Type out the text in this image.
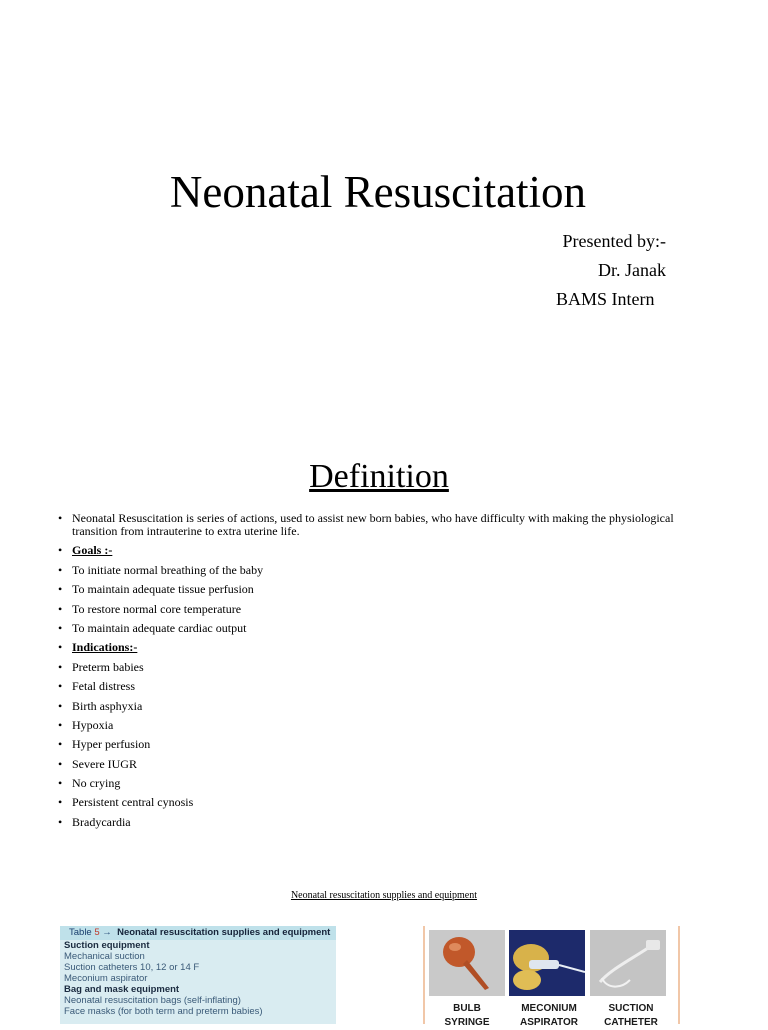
Neonatal Resuscitation
Presented by:-
Dr. Janak
BAMS Intern
Definition
• Neonatal Resuscitation is series of actions, used to assist new born babies, who have difficulty with making the physiological transition from intrauterine to extra uterine life.
• Goals :-
• To initiate normal breathing of the baby
• To maintain adequate tissue perfusion
• To restore normal core temperature
• To maintain adequate cardiac output
• Indications:-
• Preterm babies
• Fetal distress
• Birth asphyxia
• Hypoxia
• Hyper perfusion
• Severe IUGR
• No crying
• Persistent central cynosis
• Bradycardia
Neonatal resuscitation supplies and equipment
Table 5 →  Neonatal resuscitation supplies and equipment
Suction equipment
Mechanical suction
Suction catheters 10, 12 or 14 F
Meconium aspirator
Bag and mask equipment
Neonatal resuscitation bags (self-inflating)
Face masks (for both term and preterm babies)	BULB
SYRINGE
MECONIUM
ASPIRATOR
SUCTION
CATHETER
